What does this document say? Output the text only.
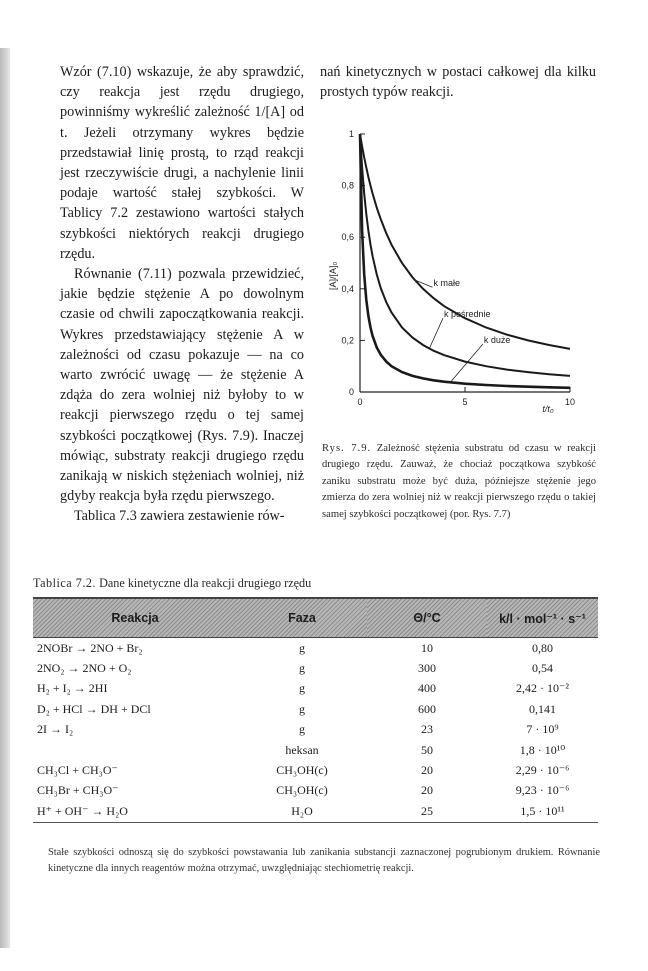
Wzór (7.10) wskazuje, że aby sprawdzić, czy reakcja jest rzędu drugiego, powinniśmy wykreślić zależność 1/[A] od t. Jeżeli otrzymany wykres będzie przedstawiał linię prostą, to rząd reakcji jest rzeczywiście drugi, a nachylenie linii podaje wartość stałej szybkości. W Tablicy 7.2 zestawiono wartości stałych szybkości niektórych reakcji drugiego rzędu.

Równanie (7.11) pozwala przewidzieć, jakie będzie stężenie A po dowolnym czasie od chwili zapoczątkowania reakcji. Wykres przedstawiający stężenie A w zależności od czasu pokazuje — na co warto zwrócić uwagę — że stężenie A zdąża do zera wolniej niż byłoby to w reakcji pierwszego rzędu o tej samej szybkości początkowej (Rys. 7.9). Inaczej mówiąc, substraty reakcji drugiego rzędu zanikają w niskich stężeniach wolniej, niż gdyby reakcja była rzędu pierwszego.

Tablica 7.3 zawiera zestawienie rów-

nań kinetycznych w postaci całkowej dla kilku prostych typów reakcji.
0
0,2
0,4
0,6
0,8
1
0	5	10
t/t₀
[A]/[A]₀	k małe
k pośrednie
k duże
Rys. 7.9. Zależność stężenia substratu od czasu w reakcji drugiego rzędu. Zauważ, że chociaż początkowa szybkość zaniku substratu może być duża, późniejsze stężenie jego zmierza do zera wolniej niż w reakcji pierwszego rzędu o takiej samej szybkości początkowej (por. Rys. 7.7)
Tablica 7.2. Dane kinetyczne dla reakcji drugiego rzędu
Reakcja	Faza	Θ/°C	k/l · mol⁻¹ · s⁻¹
2NOBr → 2NO + Br₂	g	10	0,80
2NO₂ → 2NO + O₂	g	300	0,54
H₂ + I₂ → 2HI	g	400	2,42 · 10⁻²
D₂ + HCl → DH + DCl	g	600	0,141
2I → I₂	g	23	7 · 10⁹
	heksan	50	1,8 · 10¹⁰
CH₃Cl + CH₃O⁻	CH₃OH(c)	20	2,29 · 10⁻⁶
CH₃Br + CH₃O⁻	CH₃OH(c)	20	9,23 · 10⁻⁶
H⁺ + OH⁻ → H₂O	H₂O	25	1,5 · 10¹¹
Stałe szybkości odnoszą się do szybkości powstawania lub zanikania substancji zaznaczonej pogrubionym drukiem. Równanie kinetyczne dla innych reagentów można otrzymać, uwzględniając stechiometrię reakcji.
